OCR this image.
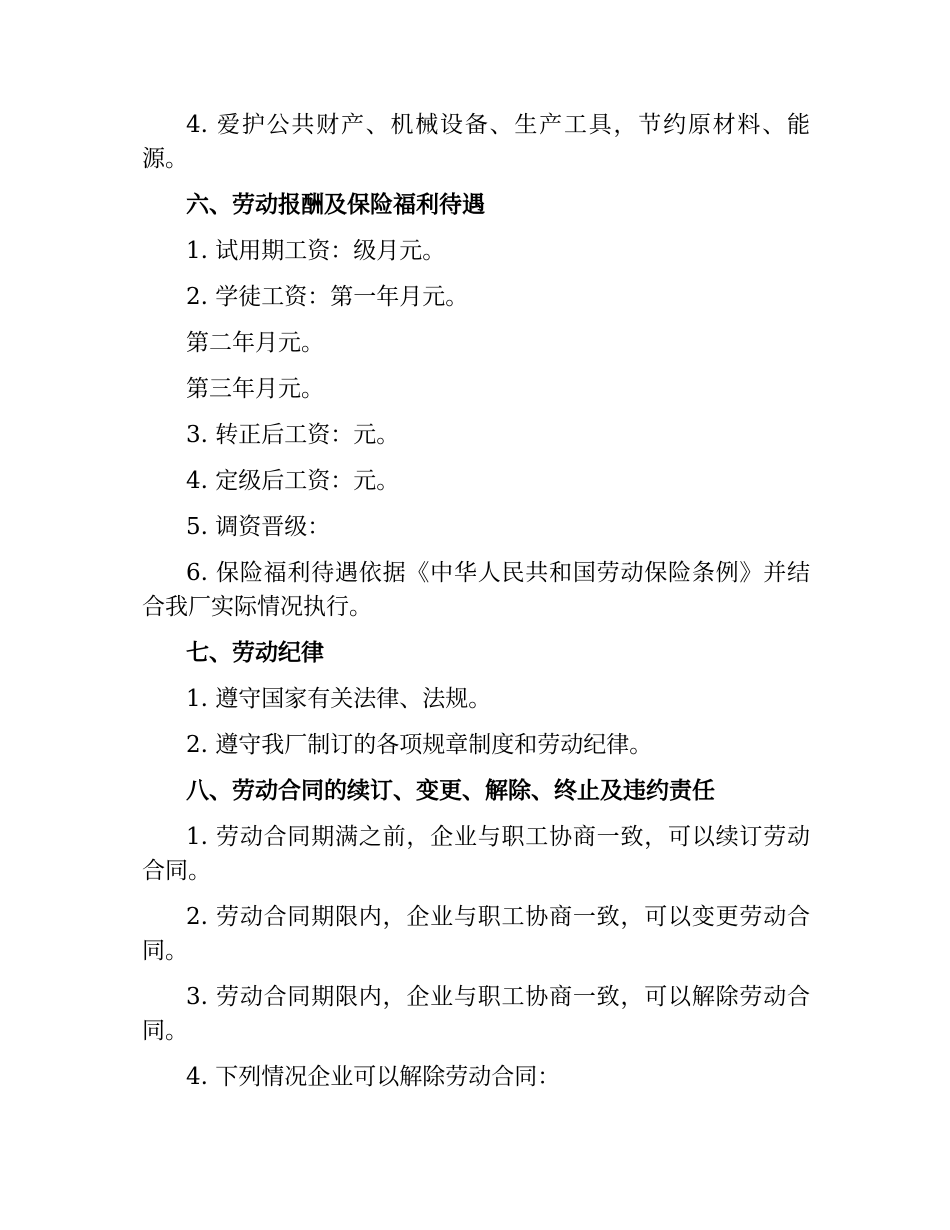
4. 爱护公共财产、机械设备、生产工具，节约原材料、能源。

六、劳动报酬及保险福利待遇

1. 试用期工资：级月元。

2. 学徒工资：第一年月元。

第二年月元。

第三年月元。

3. 转正后工资：元。

4. 定级后工资：元。

5. 调资晋级：

6. 保险福利待遇依据《中华人民共和国劳动保险条例》并结合我厂实际情况执行。

七、劳动纪律

1. 遵守国家有关法律、法规。

2. 遵守我厂制订的各项规章制度和劳动纪律。

八、劳动合同的续订、变更、解除、终止及违约责任

1. 劳动合同期满之前，企业与职工协商一致，可以续订劳动合同。

2. 劳动合同期限内，企业与职工协商一致，可以变更劳动合同。

3. 劳动合同期限内，企业与职工协商一致，可以解除劳动合同。

4. 下列情况企业可以解除劳动合同：
